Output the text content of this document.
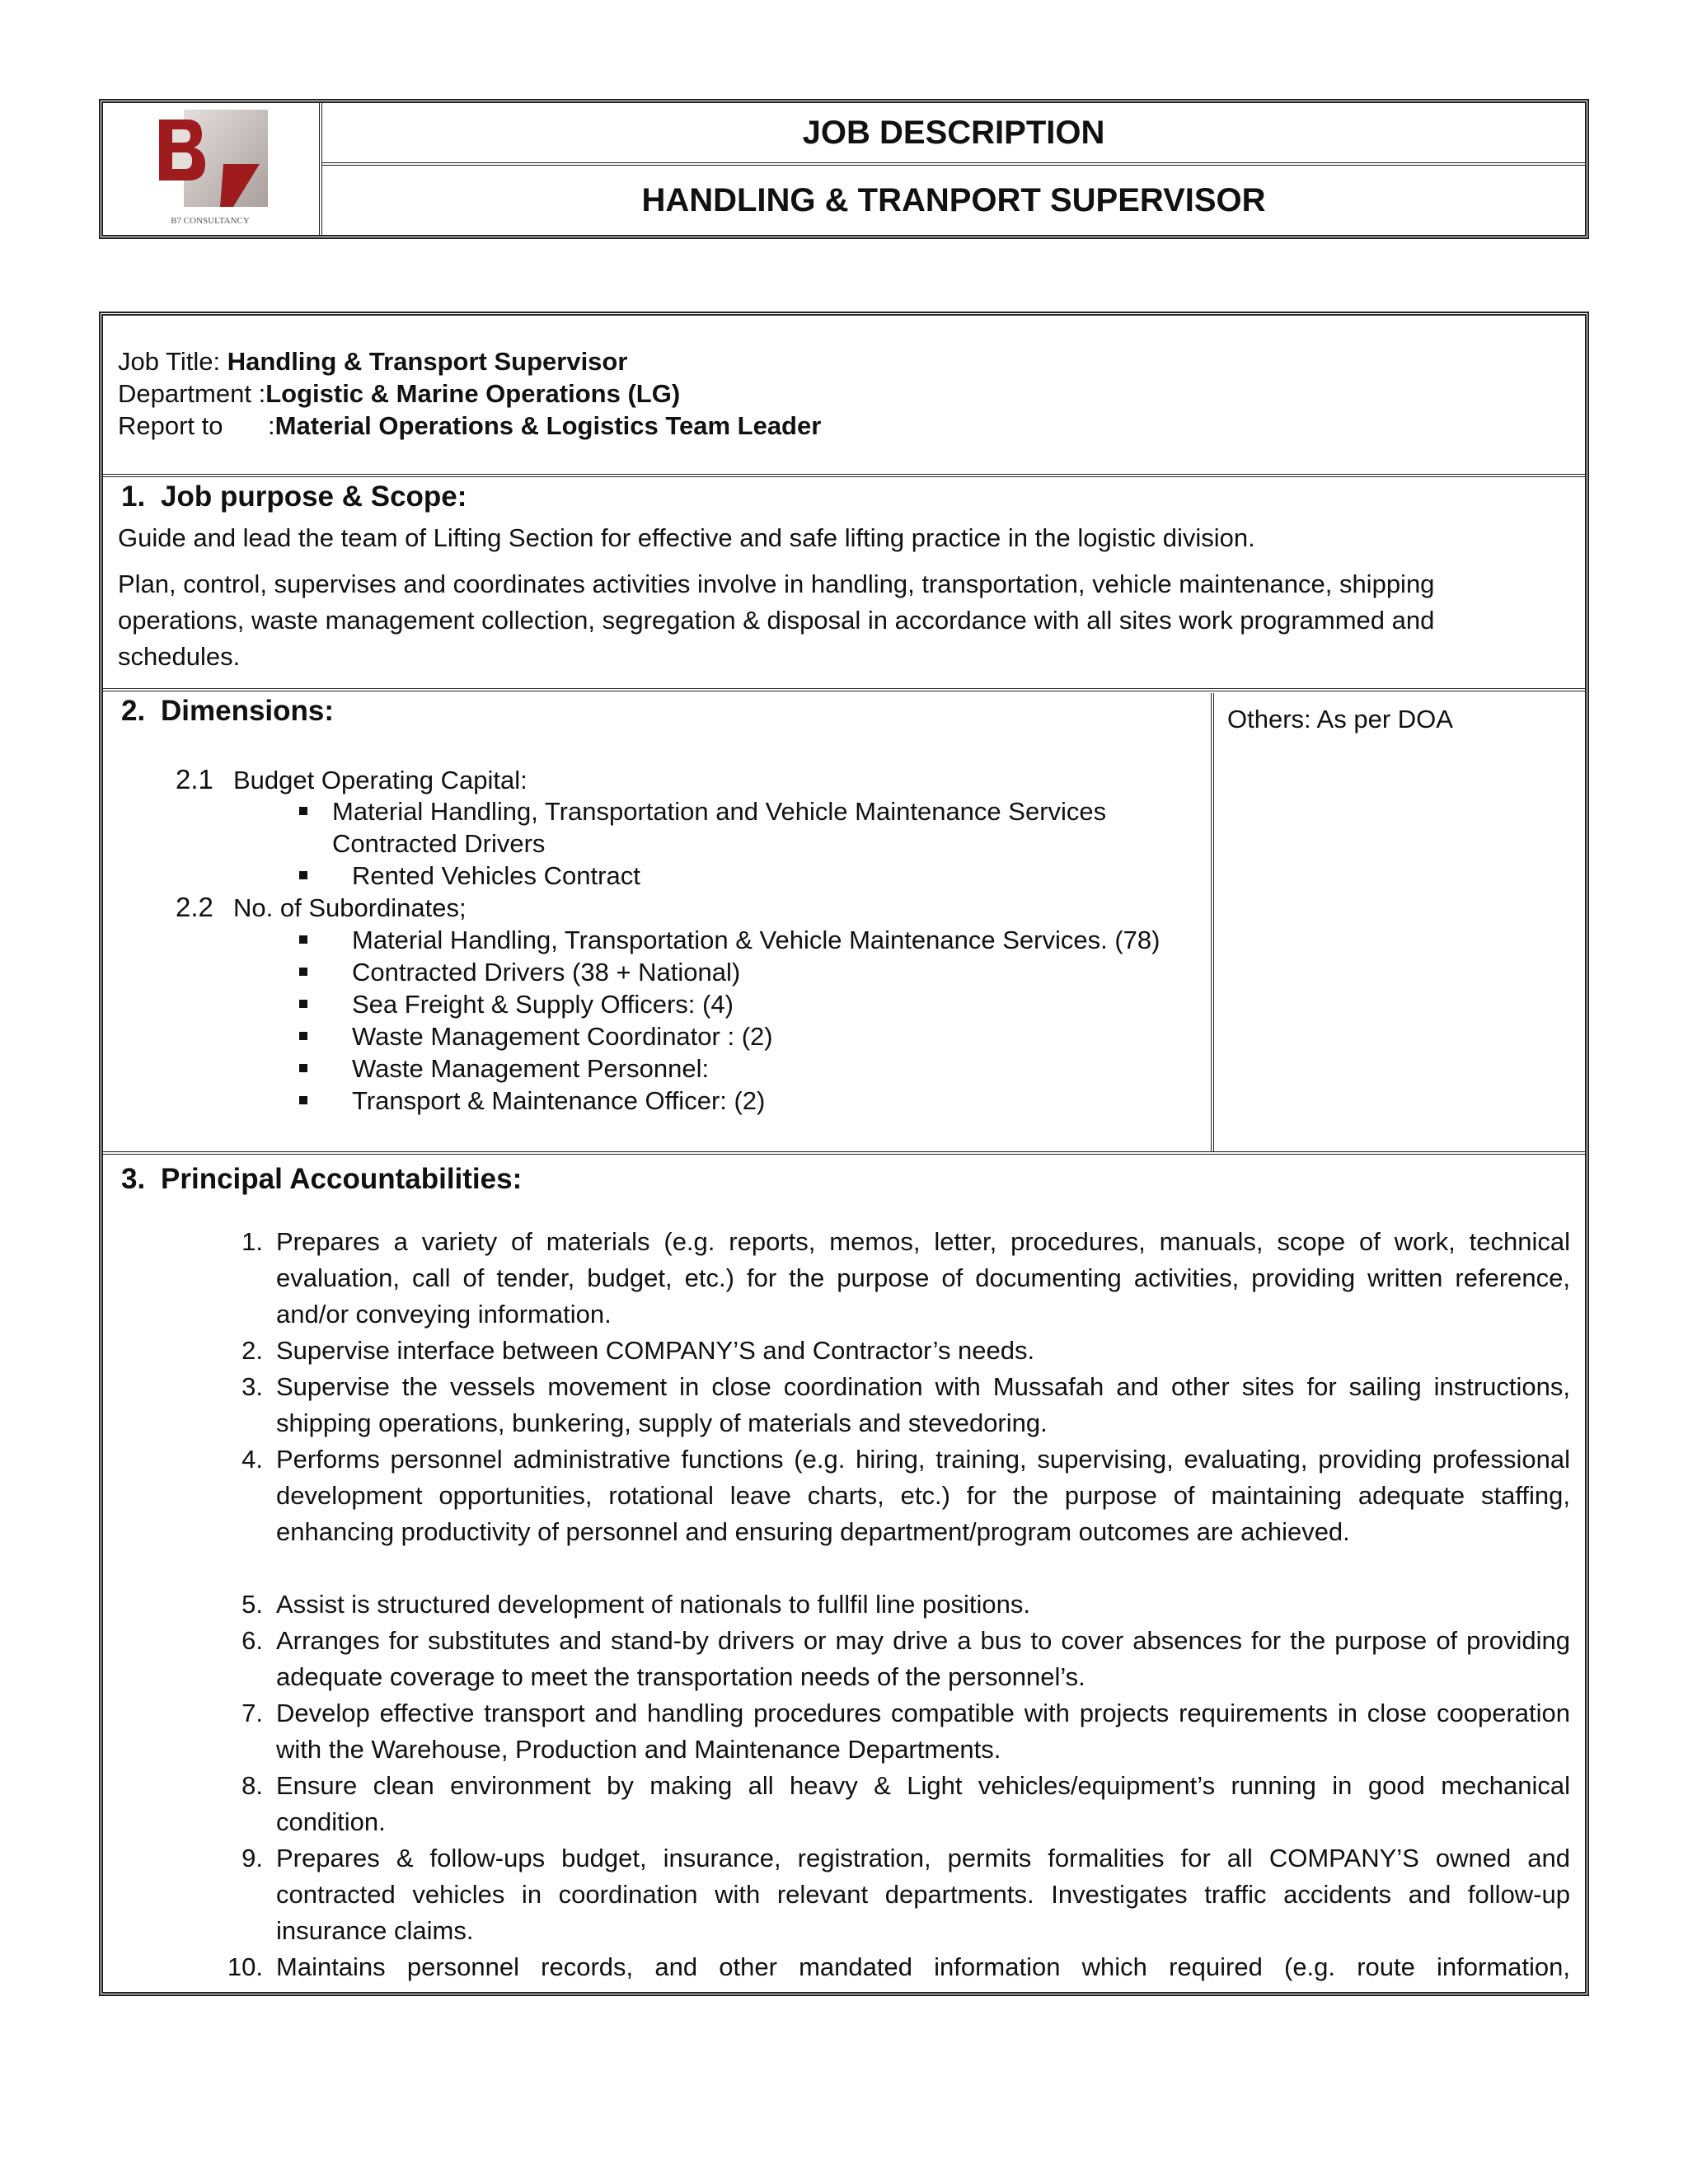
B7 CONSULTANCY
JOB DESCRIPTION
HANDLING & TRANPORT SUPERVISOR
Job Title: Handling & Transport Supervisor
Department :Logistic & Marine Operations (LG)
Report to :Material Operations & Logistics Team Leader
1. Job purpose & Scope:
Guide and lead the team of Lifting Section for effective and safe lifting practice in the logistic division.
Plan, control, supervises and coordinates activities involve in handling, transportation, vehicle maintenance, shipping operations, waste management collection, segregation & disposal in accordance with all sites work programmed and schedules.
2. Dimensions:
2.1 Budget Operating Capital:
Material Handling, Transportation and Vehicle Maintenance Services
Contracted Drivers
Rented Vehicles Contract
2.2 No. of Subordinates;
Material Handling, Transportation & Vehicle Maintenance Services. (78)
Contracted Drivers (38 + National)
Sea Freight & Supply Officers: (4)
Waste Management Coordinator : (2)
Waste Management Personnel:
Transport & Maintenance Officer: (2)
Others: As per DOA
3. Principal Accountabilities:
1. Prepares a variety of materials (e.g. reports, memos, letter, procedures, manuals, scope of work, technical evaluation, call of tender, budget, etc.) for the purpose of documenting activities, providing written reference, and/or conveying information.
2. Supervise interface between COMPANY’S and Contractor’s needs.
3. Supervise the vessels movement in close coordination with Mussafah and other sites for sailing instructions, shipping operations, bunkering, supply of materials and stevedoring.
4. Performs personnel administrative functions (e.g. hiring, training, supervising, evaluating, providing professional development opportunities, rotational leave charts, etc.) for the purpose of maintaining adequate staffing, enhancing productivity of personnel and ensuring department/program outcomes are achieved.
5. Assist is structured development of nationals to fullfil line positions.
6. Arranges for substitutes and stand-by drivers or may drive a bus to cover absences for the purpose of providing adequate coverage to meet the transportation needs of the personnel’s.
7. Develop effective transport and handling procedures compatible with projects requirements in close cooperation with the Warehouse, Production and Maintenance Departments.
8. Ensure clean environment by making all heavy & Light vehicles/equipment’s running in good mechanical condition.
9. Prepares & follow-ups budget, insurance, registration, permits formalities for all COMPANY’S owned and contracted vehicles in coordination with relevant departments. Investigates traffic accidents and follow-up insurance claims.
10. Maintains personnel records, and other mandated information which required (e.g. route information,
